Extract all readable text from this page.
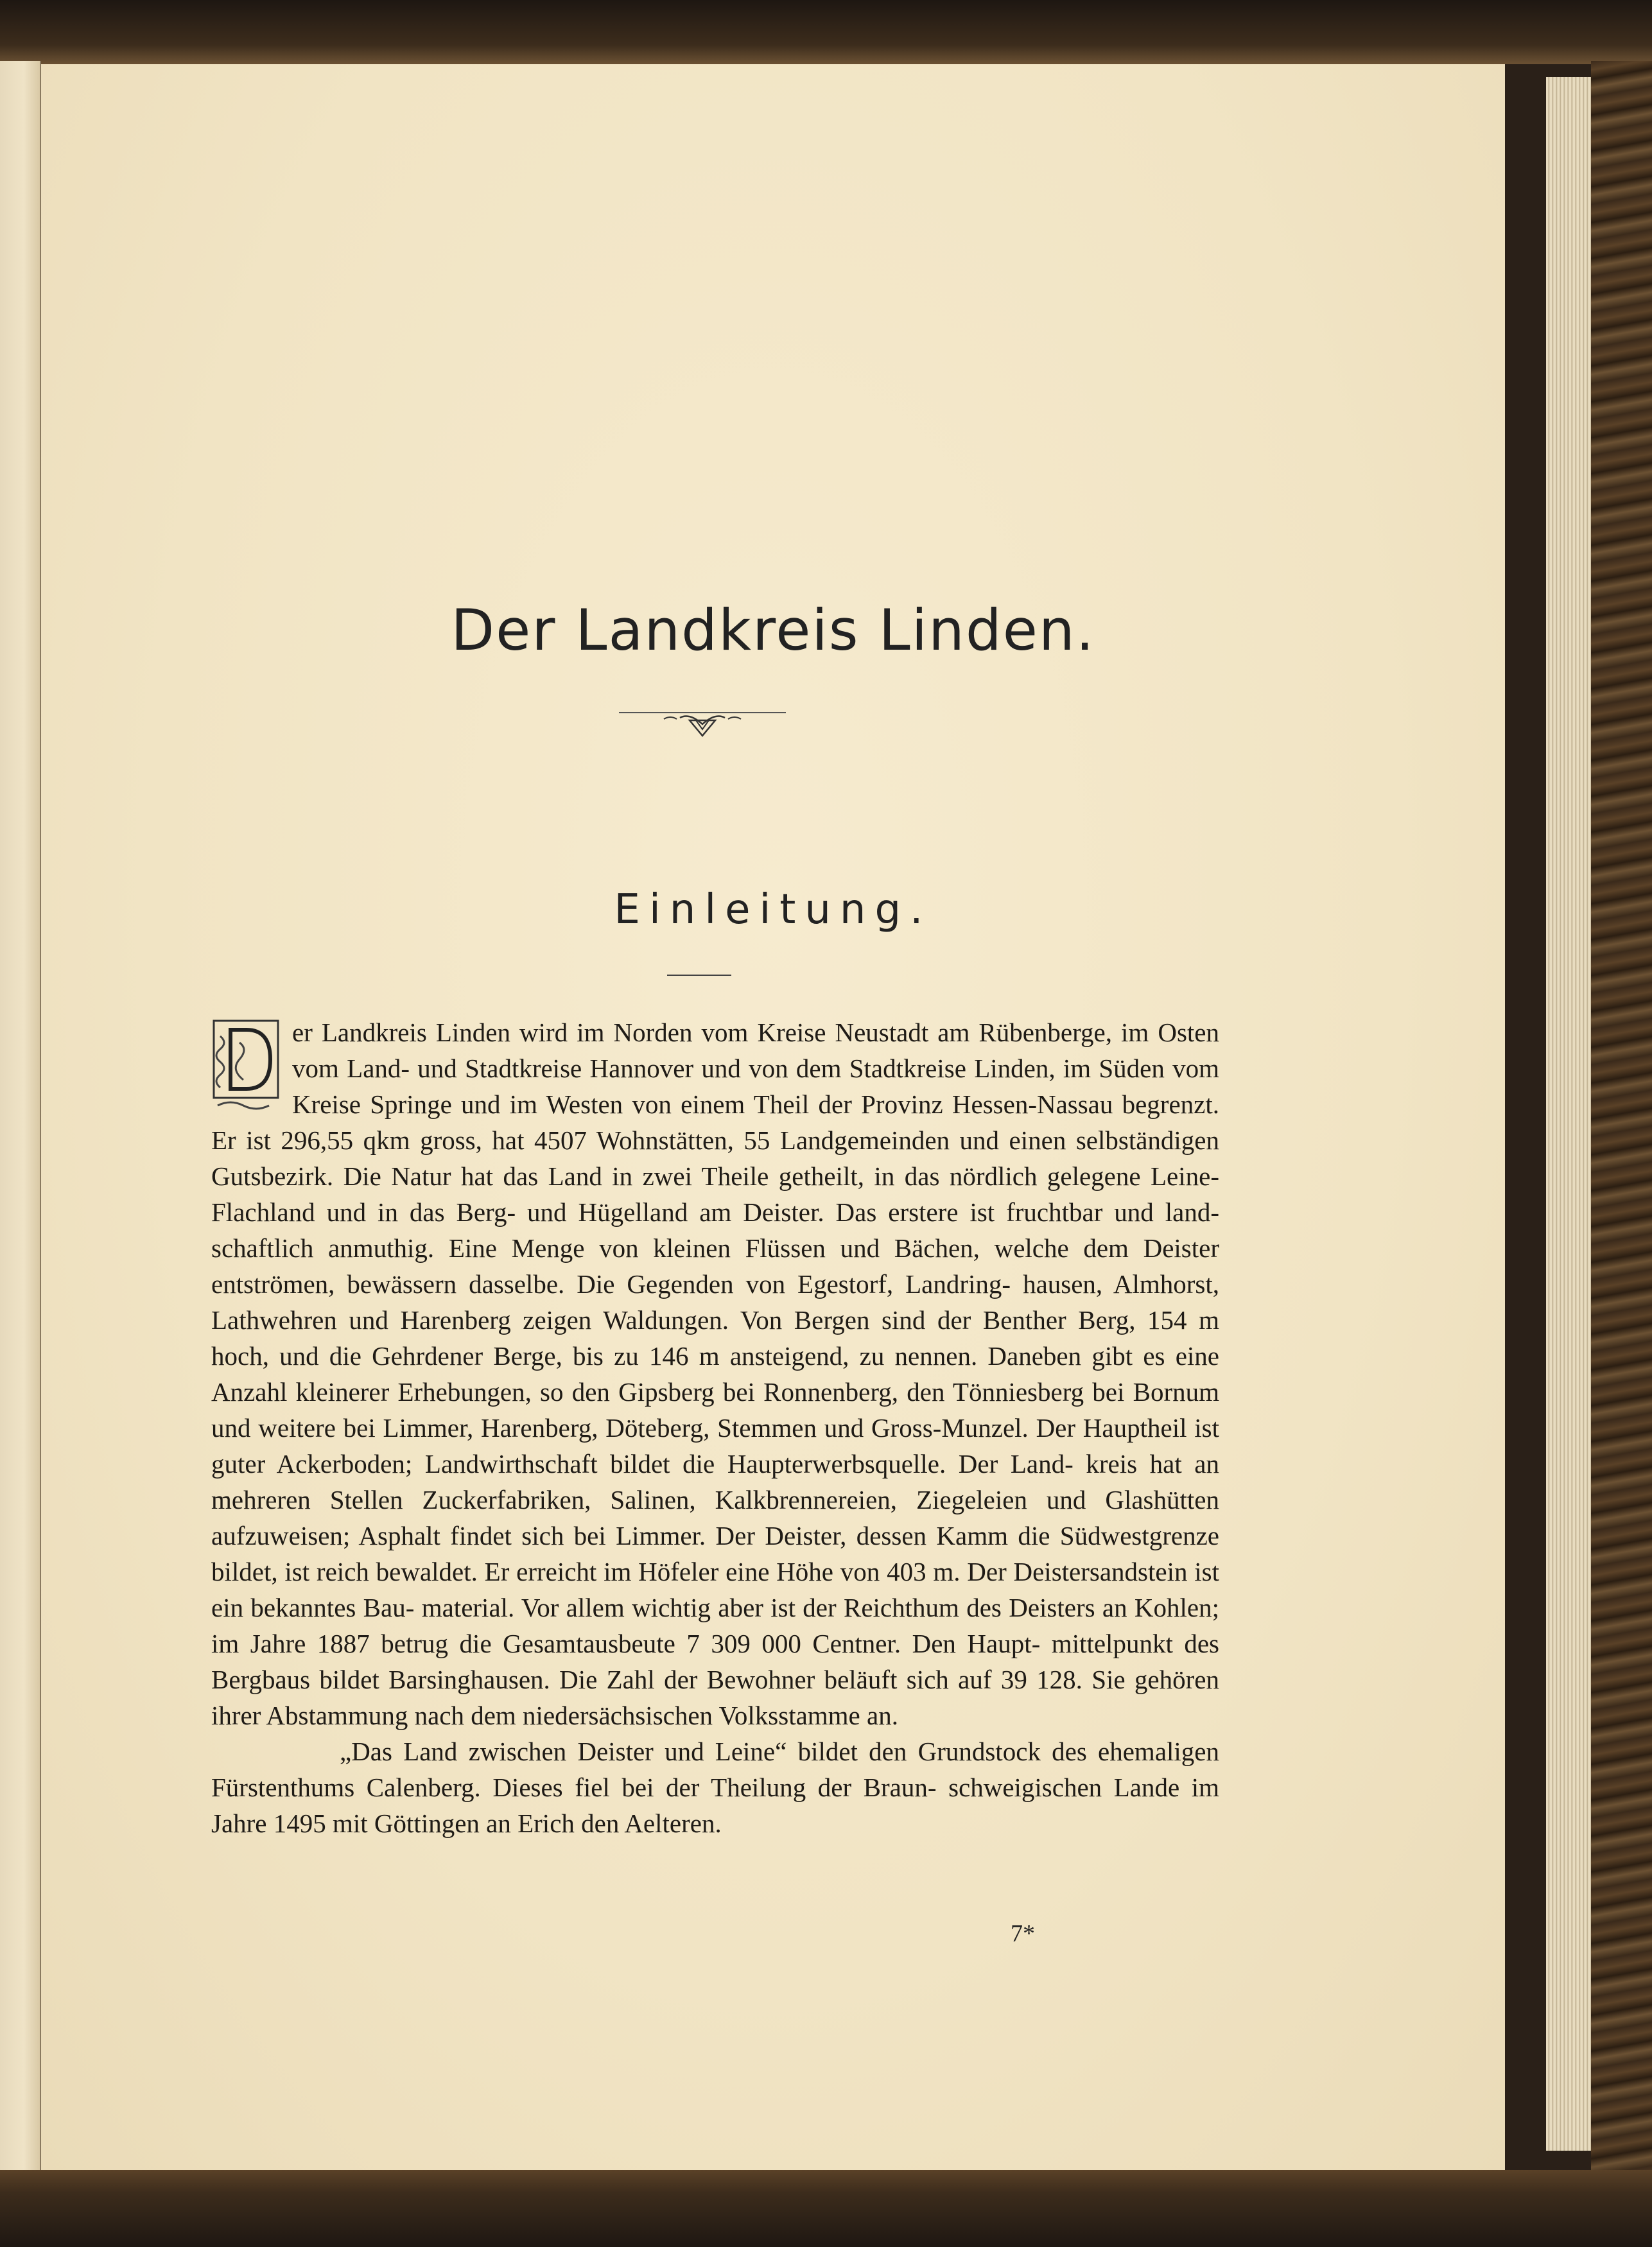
Der Landkreis Linden.
Einleitung.

er Landkreis Linden wird im Norden vom Kreise Neustadt am Rübenberge, im Osten vom Land- und Stadtkreise Hannover und von dem Stadtkreise Linden, im Süden vom Kreise Springe und im Westen von einem Theil der Provinz Hessen-Nassau begrenzt. Er ist 296,55 qkm gross, hat 4507 Wohnstätten, 55 Landgemeinden und einen selbständigen Gutsbezirk. Die Natur hat das Land in zwei Theile getheilt, in das nördlich gelegene Leine-Flachland und in das Berg- und Hügelland am Deister. Das erstere ist fruchtbar und land- schaftlich anmuthig. Eine Menge von kleinen Flüssen und Bächen, welche dem Deister entströmen, bewässern dasselbe. Die Gegenden von Egestorf, Landring- hausen, Almhorst, Lathwehren und Harenberg zeigen Waldungen. Von Bergen sind der Benther Berg, 154 m hoch, und die Gehrdener Berge, bis zu 146 m ansteigend, zu nennen. Daneben gibt es eine Anzahl kleinerer Erhebungen, so den Gipsberg bei Ronnenberg, den Tönniesberg bei Bornum und weitere bei Limmer, Harenberg, Döteberg, Stemmen und Gross-Munzel. Der Hauptheil ist guter Ackerboden; Landwirthschaft bildet die Haupterwerbsquelle. Der Land- kreis hat an mehreren Stellen Zuckerfabriken, Salinen, Kalkbrennereien, Ziegeleien und Glashütten aufzuweisen; Asphalt findet sich bei Limmer. Der Deister, dessen Kamm die Südwestgrenze bildet, ist reich bewaldet. Er erreicht im Höfeler eine Höhe von 403 m. Der Deistersandstein ist ein bekanntes Bau- material. Vor allem wichtig aber ist der Reichthum des Deisters an Kohlen; im Jahre 1887 betrug die Gesamtausbeute 7 309 000 Centner. Den Haupt- mittelpunkt des Bergbaus bildet Barsinghausen. Die Zahl der Bewohner beläuft sich auf 39 128. Sie gehören ihrer Abstammung nach dem niedersächsischen Volksstamme an.

„Das Land zwischen Deister und Leine“ bildet den Grundstock des ehemaligen Fürstenthums Calenberg. Dieses fiel bei der Theilung der Braun- schweigischen Lande im Jahre 1495 mit Göttingen an Erich den Aelteren.

7*
